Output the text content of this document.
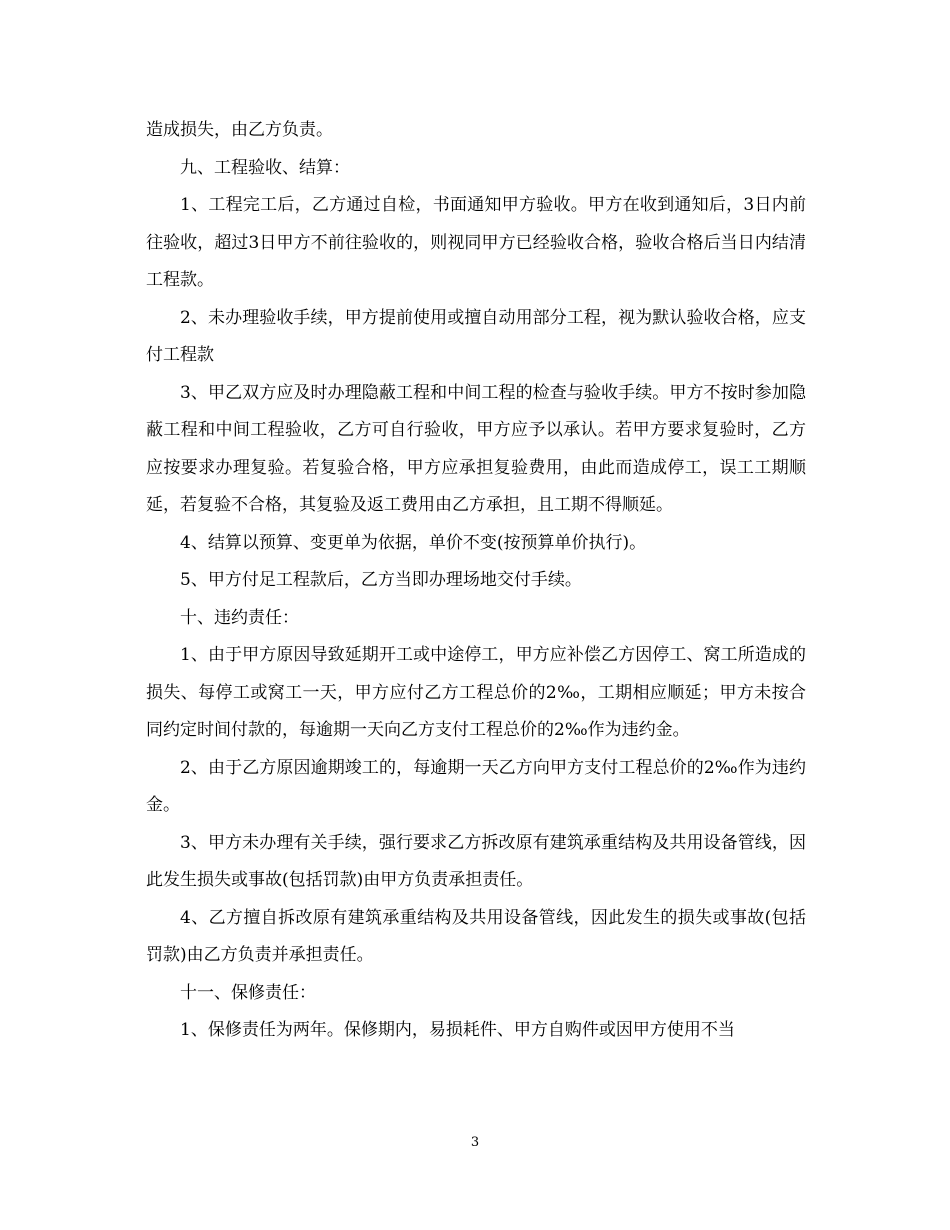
造成损失，由乙方负责。

九、工程验收、结算：

1、工程完工后，乙方通过自检，书面通知甲方验收。甲方在收到通知后，3日内前往验收，超过3日甲方不前往验收的，则视同甲方已经验收合格，验收合格后当日内结清工程款。

2、未办理验收手续，甲方提前使用或擅自动用部分工程，视为默认验收合格，应支付工程款

3、甲乙双方应及时办理隐蔽工程和中间工程的检查与验收手续。甲方不按时参加隐蔽工程和中间工程验收，乙方可自行验收，甲方应予以承认。若甲方要求复验时，乙方应按要求办理复验。若复验合格，甲方应承担复验费用，由此而造成停工，误工工期顺延，若复验不合格，其复验及返工费用由乙方承担，且工期不得顺延。

4、结算以预算、变更单为依据，单价不变(按预算单价执行)。

5、甲方付足工程款后，乙方当即办理场地交付手续。

十、违约责任：

1、由于甲方原因导致延期开工或中途停工，甲方应补偿乙方因停工、窝工所造成的损失、每停工或窝工一天，甲方应付乙方工程总价的2‰，工期相应顺延；甲方未按合同约定时间付款的，每逾期一天向乙方支付工程总价的2‰作为违约金。

2、由于乙方原因逾期竣工的，每逾期一天乙方向甲方支付工程总价的2‰作为违约金。

3、甲方未办理有关手续，强行要求乙方拆改原有建筑承重结构及共用设备管线，因此发生损失或事故(包括罚款)由甲方负责承担责任。

4、乙方擅自拆改原有建筑承重结构及共用设备管线，因此发生的损失或事故(包括罚款)由乙方负责并承担责任。

十一、保修责任：

1、保修责任为两年。保修期内，易损耗件、甲方自购件或因甲方使用不当

3
